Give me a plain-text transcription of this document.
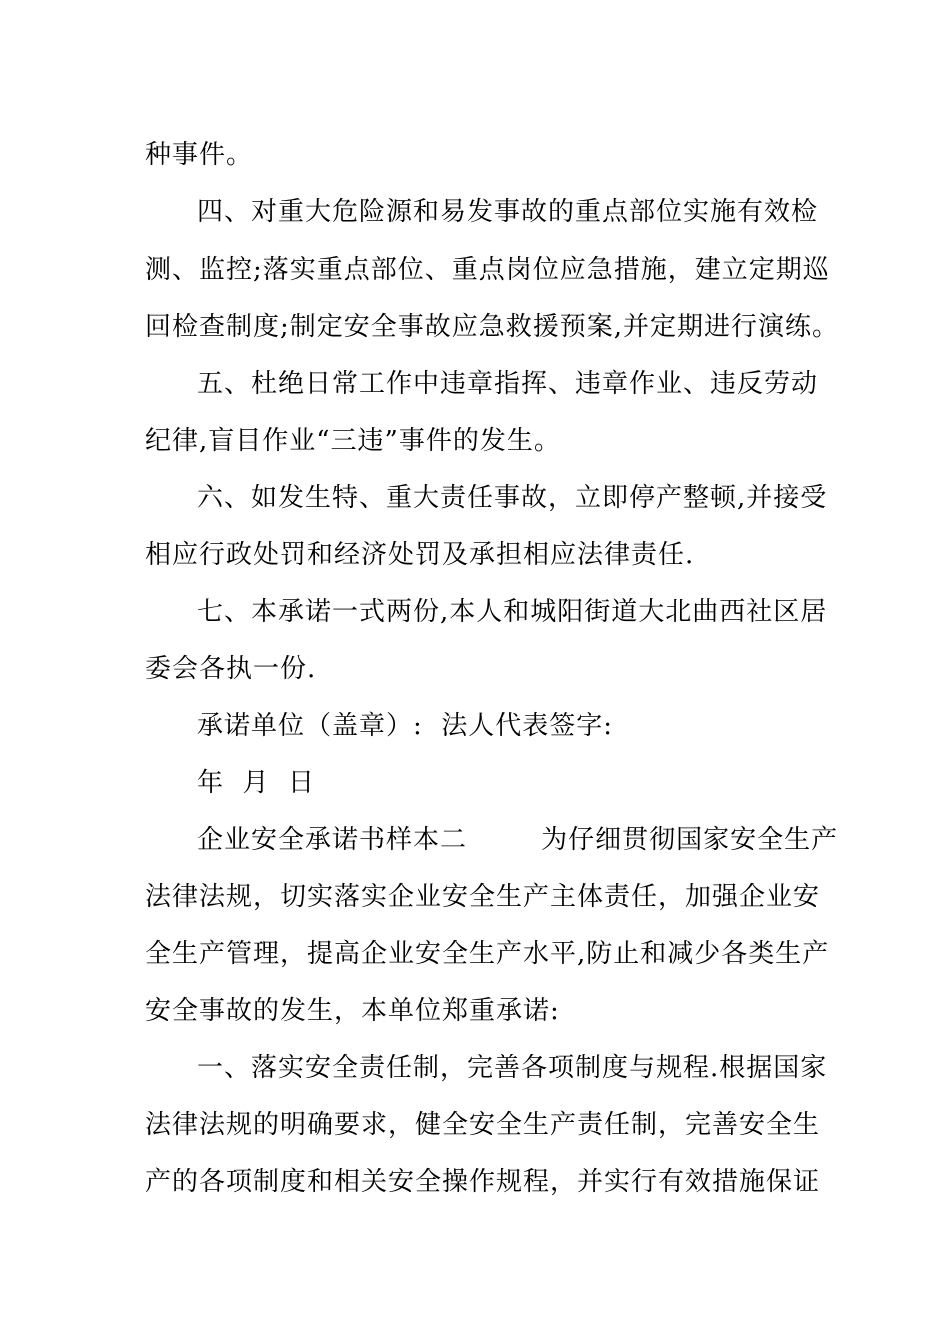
种事件。
四、对重大危险源和易发事故的重点部位实施有效检
测、监控;落实重点部位、重点岗位应急措施，建立定期巡
回检查制度;制定安全事故应急救援预案,并定期进行演练。
五、杜绝日常工作中违章指挥、违章作业、违反劳动
纪律,盲目作业“三违”事件的发生。
六、如发生特、重大责任事故，立即停产整顿,并接受
相应行政处罚和经济处罚及承担相应法律责任.
七、本承诺一式两份,本人和城阳街道大北曲西社区居
委会各执一份.
承诺单位（盖章）:  法人代表签字:
年  月  日
企业安全承诺书样本二        为仔细贯彻国家安全生产
法律法规，切实落实企业安全生产主体责任，加强企业安
全生产管理，提高企业安全生产水平,防止和减少各类生产
安全事故的发生，本单位郑重承诺:
一、落实安全责任制，完善各项制度与规程.根据国家
法律法规的明确要求，健全安全生产责任制，完善安全生
产的各项制度和相关安全操作规程，并实行有效措施保证
